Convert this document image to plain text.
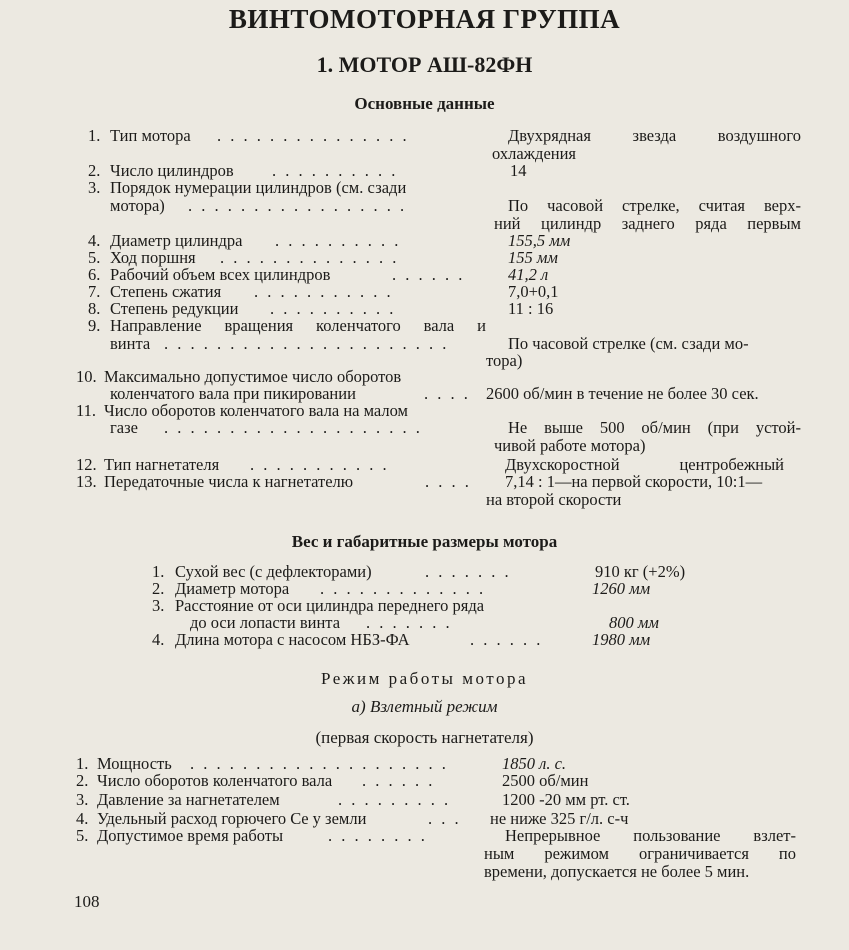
ВИНТОМОТОРНАЯ ГРУППА
1. МОТОР АШ-82ФН
Основные данные
1. Тип мотора . . . . . . . . . . . . . . .	Двухрядная звезда воздушного
охлаждения
2. Число цилиндров . . . . . . . . . .	14
3. Порядок нумерации цилиндров (см. сзади
мотора) . . . . . . . . . . . . . . . . .	По часовой стрелке, считая верх-
ний цилиндр заднего ряда первым
4. Диаметр цилиндра . . . . . . . . . .	155,5 мм
5. Ход поршня . . . . . . . . . . . . . .	155 мм
6. Рабочий объем всех цилиндров	. . . . . .	41,2 л
7. Степень сжатия . . . . . . . . . . .	7,0+0,1
8. Степень редукции . . . . . . . . . .	11 : 16
9. Направление вращения коленчатого вала и
винта . . . . . . . . . . . . . . . . . . . . . .	По часовой стрелке (см. сзади мо-
тора)
10. Максимально допустимое число оборотов
коленчатого вала при пикировании	. . . . 2600 об/мин в течение не более 30 сек.
11. Число оборотов коленчатого вала на малом
газе . . . . . . . . . . . . . . . . . . . .	Не выше 500 об/мин (при устой-
чивой работе мотора)
12. Тип нагнетателя . . . . . . . . . . .	Двухскоростной центробежный
13. Передаточные числа к нагнетателю	. . . . 7,14 : 1—на первой скорости, 10:1—
на второй скорости
Вес и габаритные размеры мотора
1. Сухой вес (с дефлекторами)	. . . . . . .	910 кг (+2%)
2. Диаметр мотора . . . . . . . . . . . . .	1260 мм
3. Расстояние от оси цилиндра переднего ряда
до оси лопасти винта . . . . . . .	800 мм
4. Длина мотора с насосом НБЗ-ФА	. . . . . .	1980 мм
Режим работы мотора
а) Взлетный режим
(первая скорость нагнетателя)
1. Мощность . . . . . . . . . . . . . . . . . . . .	1850 л. с.
2. Число оборотов коленчатого вала . . . . . .	2500 об/мин
3. Давление за нагнетателем	. . . . . . . . .	1200 -20 мм рт. ст.
4. Удельный расход горючего Ce у земли	. . . не ниже 325 г/л. с-ч
5. Допустимое время работы	. . . . . . . .	Непрерывное пользование взлет-
ным режимом ограничивается по
времени, допускается не более 5 мин.
108
